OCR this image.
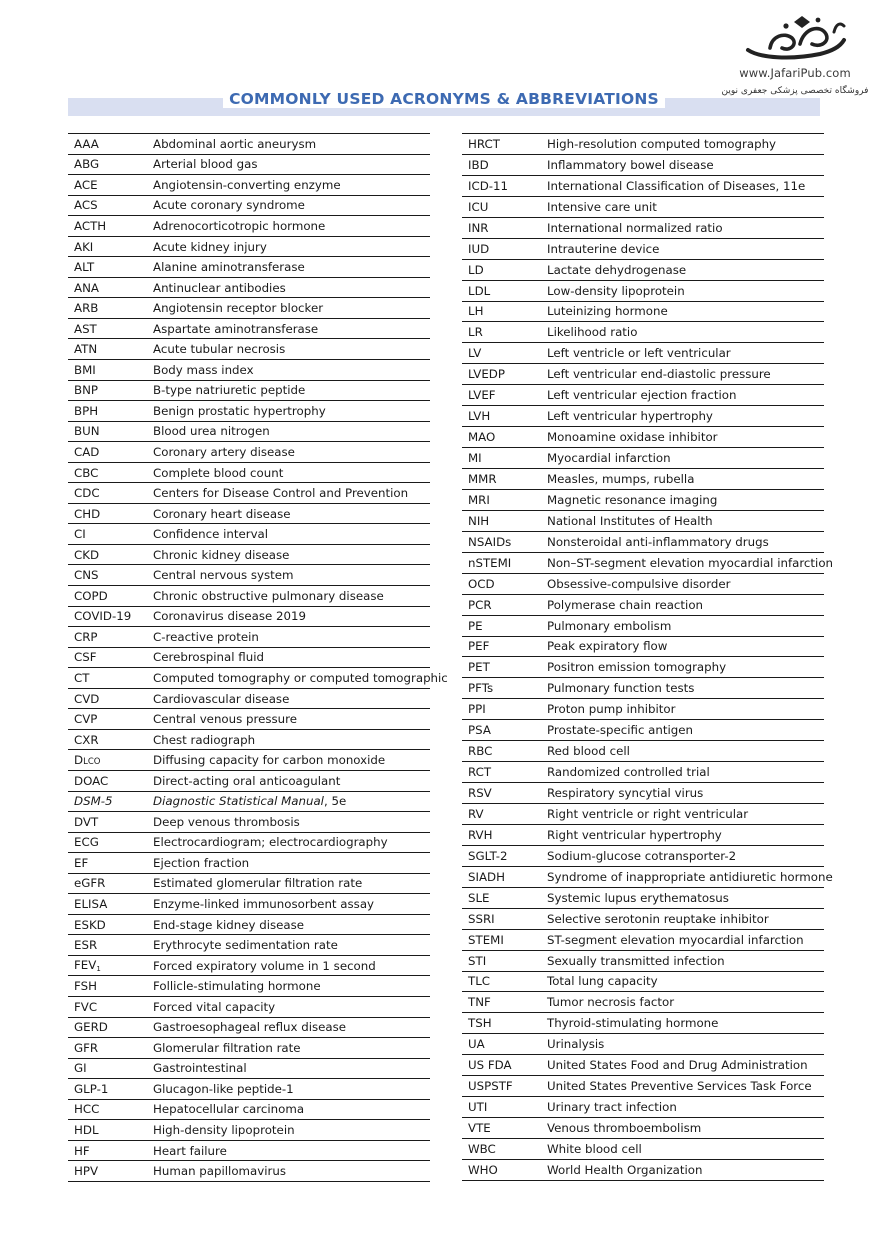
www.JafariPub.com
فروشگاه تخصصی پزشکی جعفری نوین
COMMONLY USED ACRONYMS & ABBREVIATIONS
AAA	Abdominal aortic aneurysm
ABG	Arterial blood gas
ACE	Angiotensin-converting enzyme
ACS	Acute coronary syndrome
ACTH	Adrenocorticotropic hormone
AKI	Acute kidney injury
ALT	Alanine aminotransferase
ANA	Antinuclear antibodies
ARB	Angiotensin receptor blocker
AST	Aspartate aminotransferase
ATN	Acute tubular necrosis
BMI	Body mass index
BNP	B-type natriuretic peptide
BPH	Benign prostatic hypertrophy
BUN	Blood urea nitrogen
CAD	Coronary artery disease
CBC	Complete blood count
CDC	Centers for Disease Control and Prevention
CHD	Coronary heart disease
CI	Confidence interval
CKD	Chronic kidney disease
CNS	Central nervous system
COPD	Chronic obstructive pulmonary disease
COVID-19 Coronavirus disease 2019
CRP	C-reactive protein
CSF	Cerebrospinal fluid
CT	Computed tomography or computed tomographic
CVD	Cardiovascular disease
CVP	Central venous pressure
CXR	Chest radiograph
DLCO	Diffusing capacity for carbon monoxide
DOAC	Direct-acting oral anticoagulant
DSM-5	Diagnostic Statistical Manual, 5e
DVT	Deep venous thrombosis
ECG	Electrocardiogram; electrocardiography
EF	Ejection fraction
eGFR	Estimated glomerular filtration rate
ELISA	Enzyme-linked immunosorbent assay
ESKD	End-stage kidney disease
ESR	Erythrocyte sedimentation rate
$FEV_1$	Forced expiratory volume in 1 second
FSH	Follicle-stimulating hormone
FVC	Forced vital capacity
GERD	Gastroesophageal reflux disease
GFR	Glomerular filtration rate
GI	Gastrointestinal
GLP-1	Glucagon-like peptide-1
HCC	Hepatocellular carcinoma
HDL	High-density lipoprotein
HF	Heart failure
HPV	Human papillomavirus
HRCT	High-resolution computed tomography
IBD	Inflammatory bowel disease
ICD-11	International Classification of Diseases, 11e
ICU	Intensive care unit
INR	International normalized ratio
IUD	Intrauterine device
LD	Lactate dehydrogenase
LDL	Low-density lipoprotein
LH	Luteinizing hormone
LR	Likelihood ratio
LV	Left ventricle or left ventricular
LVEDP	Left ventricular end-diastolic pressure
LVEF	Left ventricular ejection fraction
LVH	Left ventricular hypertrophy
MAO	Monoamine oxidase inhibitor
MI	Myocardial infarction
MMR	Measles, mumps, rubella
MRI	Magnetic resonance imaging
NIH	National Institutes of Health
NSAIDs	Nonsteroidal anti-inflammatory drugs
nSTEMI	Non–ST-segment elevation myocardial infarction
OCD	Obsessive-compulsive disorder
PCR	Polymerase chain reaction
PE	Pulmonary embolism
PEF	Peak expiratory flow
PET	Positron emission tomography
PFTs	Pulmonary function tests
PPI	Proton pump inhibitor
PSA	Prostate-specific antigen
RBC	Red blood cell
RCT	Randomized controlled trial
RSV	Respiratory syncytial virus
RV	Right ventricle or right ventricular
RVH	Right ventricular hypertrophy
SGLT-2	Sodium-glucose cotransporter-2
SIADH	Syndrome of inappropriate antidiuretic hormone
SLE	Systemic lupus erythematosus
SSRI	Selective serotonin reuptake inhibitor
STEMI	ST-segment elevation myocardial infarction
STI	Sexually transmitted infection
TLC	Total lung capacity
TNF	Tumor necrosis factor
TSH	Thyroid-stimulating hormone
UA	Urinalysis
US FDA	United States Food and Drug Administration
USPSTF	United States Preventive Services Task Force
UTI	Urinary tract infection
VTE	Venous thromboembolism
WBC	White blood cell
WHO	World Health Organization
